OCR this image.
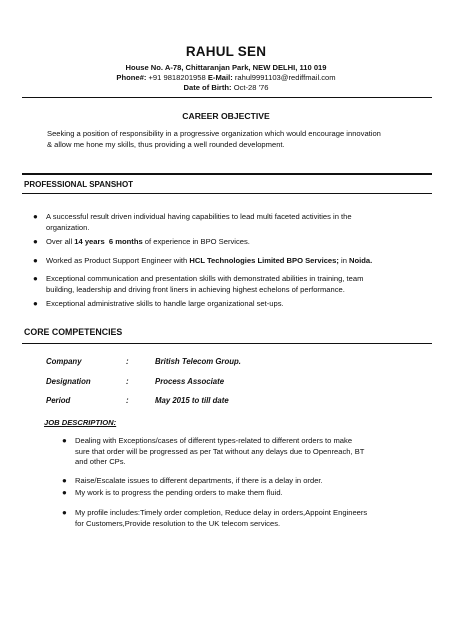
RAHUL SEN
House No. A-78, Chittaranjan Park, NEW DELHI, 110 019
Phone#: +91 9818201958 E-Mail: rahul9991103@rediffmail.com
Date of Birth: Oct-28 '76
CAREER OBJECTIVE
Seeking a position of responsibility in a progressive organization which would encourage innovation
& allow me hone my skills, thus providing a well rounded development.
PROFESSIONAL SPANSHOT
● A successful result driven individual having capabilities to lead multi faceted activities in the
organization.
● Over all 14 years 6 months of experience in BPO Services.
● Worked as Product Support Engineer with HCL Technologies Limited BPO Services; in Noida.
● Exceptional communication and presentation skills with demonstrated abilities in training, team
building, leadership and driving front liners in achieving highest echelons of performance.
● Exceptional administrative skills to handle large organizational set-ups.
CORE COMPETENCIES
Company	:	British Telecom Group.
Designation	:	Process Associate
Period	:	May 2015 to till date
JOB DESCRIPTION:
● Dealing with Exceptions/cases of different types-related to different orders to make
sure that order will be progressed as per Tat without any delays due to Openreach, BT
and other CPs.
● Raise/Escalate issues to different departments, if there is a delay in order.
● My work is to progress the pending orders to make them fluid.
● My profile includes:Timely order completion, Reduce delay in orders,Appoint Engineers
for Customers,Provide resolution to the UK telecom services.
